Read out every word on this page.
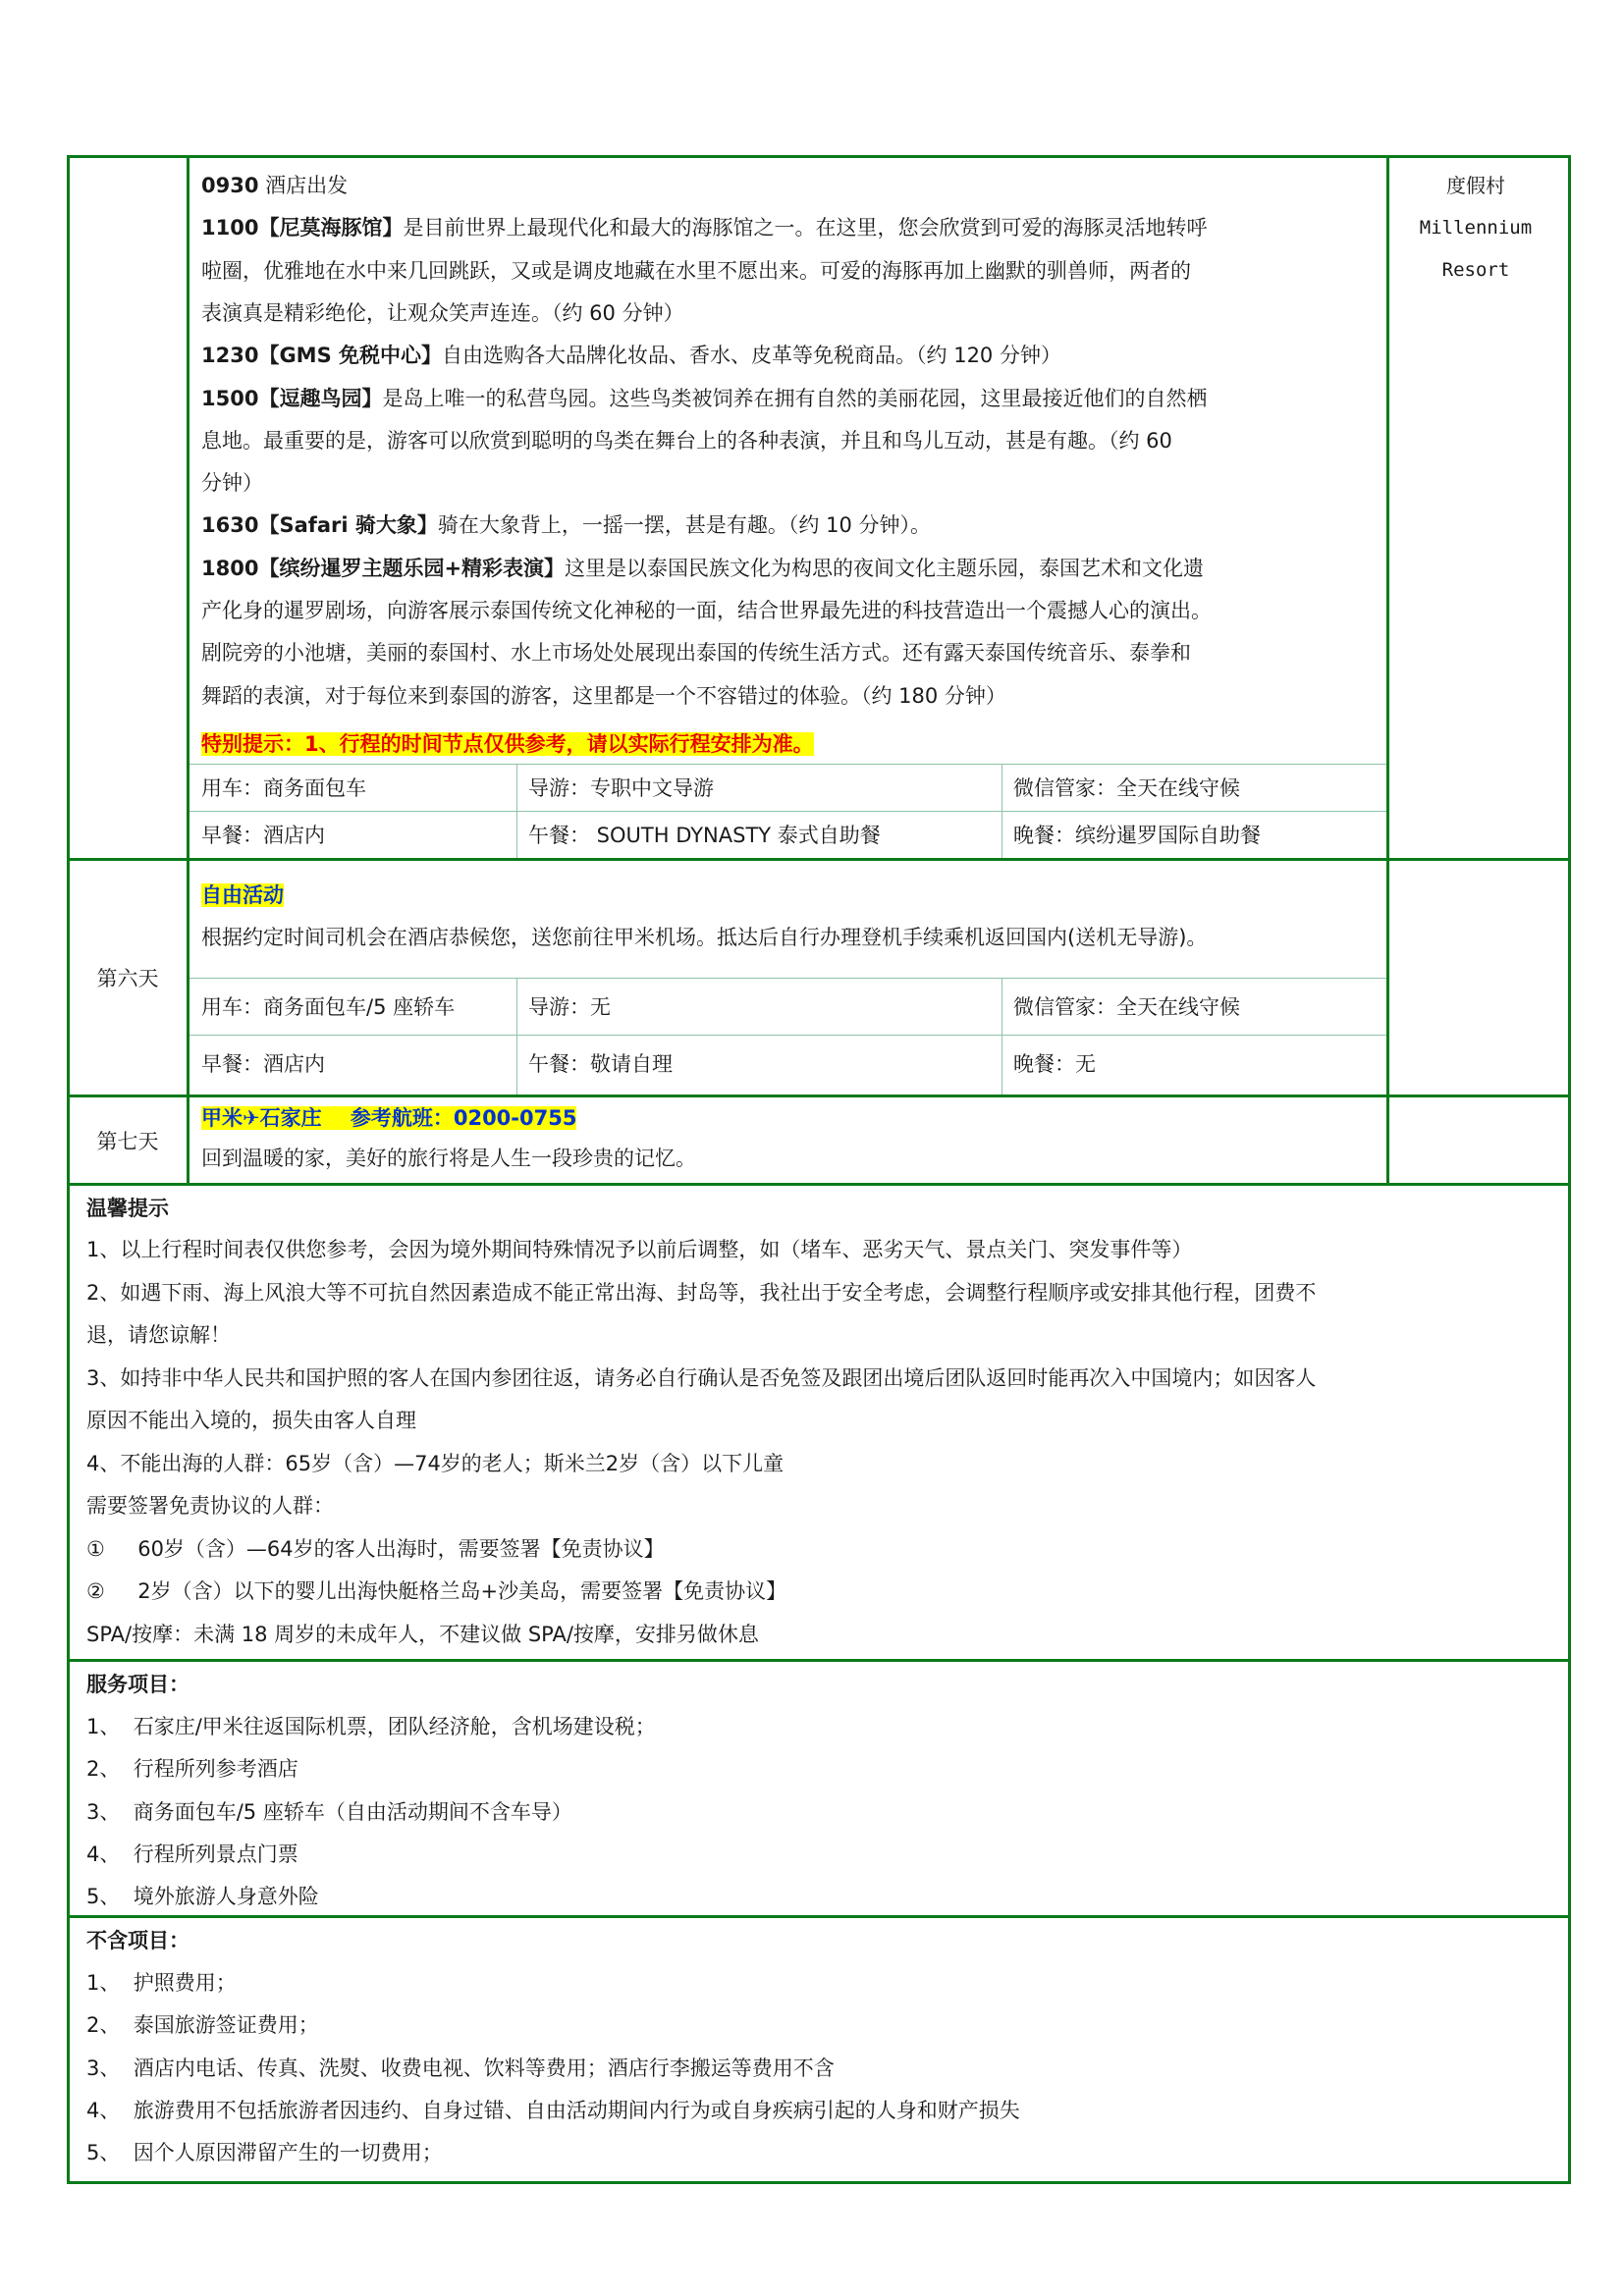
度假村
Millennium
Resort
0930 酒店出发
1100【尼莫海豚馆】是目前世界上最现代化和最大的海豚馆之一。在这里，您会欣赏到可爱的海豚灵活地转呼
啦圈，优雅地在水中来几回跳跃，又或是调皮地藏在水里不愿出来。可爱的海豚再加上幽默的驯兽师，两者的
表演真是精彩绝伦，让观众笑声连连。（约 60 分钟）
1230【GMS 免税中心】自由选购各大品牌化妆品、香水、皮革等免税商品。（约 120 分钟）
1500【逗趣鸟园】是岛上唯一的私营鸟园。这些鸟类被饲养在拥有自然的美丽花园，这里最接近他们的自然栖
息地。最重要的是，游客可以欣赏到聪明的鸟类在舞台上的各种表演，并且和鸟儿互动，甚是有趣。（约 60
分钟）
1630【Safari 骑大象】骑在大象背上，一摇一摆，甚是有趣。（约 10 分钟）。
1800【缤纷暹罗主题乐园+精彩表演】这里是以泰国民族文化为构思的夜间文化主题乐园，泰国艺术和文化遗
产化身的暹罗剧场，向游客展示泰国传统文化神秘的一面，结合世界最先进的科技营造出一个震撼人心的演出。
剧院旁的小池塘，美丽的泰国村、水上市场处处展现出泰国的传统生活方式。还有露天泰国传统音乐、泰拳和
舞蹈的表演，对于每位来到泰国的游客，这里都是一个不容错过的体验。（约 180 分钟）
特别提示：1、行程的时间节点仅供参考，请以实际行程安排为准。
用车：商务面包车	导游：专职中文导游	微信管家：全天在线守候
早餐：酒店内	午餐： SOUTH DYNASTY 泰式自助餐	晚餐：缤纷暹罗国际自助餐
第六天
自由活动
根据约定时间司机会在酒店恭候您，送您前往甲米机场。抵达后自行办理登机手续乘机返回国内(送机无导游)。
用车：商务面包车/5 座轿车	导游：无	微信管家：全天在线守候
早餐：酒店内	午餐：敬请自理	晚餐：无
第七天
甲米✈石家庄    参考航班：0200-0755
回到温暖的家，美好的旅行将是人生一段珍贵的记忆。
温馨提示
1、以上行程时间表仅供您参考，会因为境外期间特殊情况予以前后调整，如（堵车、恶劣天气、景点关门、突发事件等）
2、如遇下雨、海上风浪大等不可抗自然因素造成不能正常出海、封岛等，我社出于安全考虑，会调整行程顺序或安排其他行程，团费不
退，请您谅解！
3、如持非中华人民共和国护照的客人在国内参团往返，请务必自行确认是否免签及跟团出境后团队返回时能再次入中国境内；如因客人
原因不能出入境的，损失由客人自理
4、不能出海的人群：65岁（含）—74岁的老人；斯米兰2岁（含）以下儿童
需要签署免责协议的人群：
①     60岁（含）—64岁的客人出海时，需要签署【免责协议】
②     2岁（含）以下的婴儿出海快艇格兰岛+沙美岛，需要签署【免责协议】
SPA/按摩：未满 18 周岁的未成年人，不建议做 SPA/按摩，安排另做休息
服务项目：
1、  石家庄/甲米往返国际机票，团队经济舱，含机场建设税；
2、  行程所列参考酒店
3、  商务面包车/5 座轿车（自由活动期间不含车导）
4、  行程所列景点门票
5、  境外旅游人身意外险
不含项目：
1、  护照费用；
2、  泰国旅游签证费用；
3、  酒店内电话、传真、洗熨、收费电视、饮料等费用；酒店行李搬运等费用不含
4、  旅游费用不包括旅游者因违约、自身过错、自由活动期间内行为或自身疾病引起的人身和财产损失
5、  因个人原因滞留产生的一切费用；
